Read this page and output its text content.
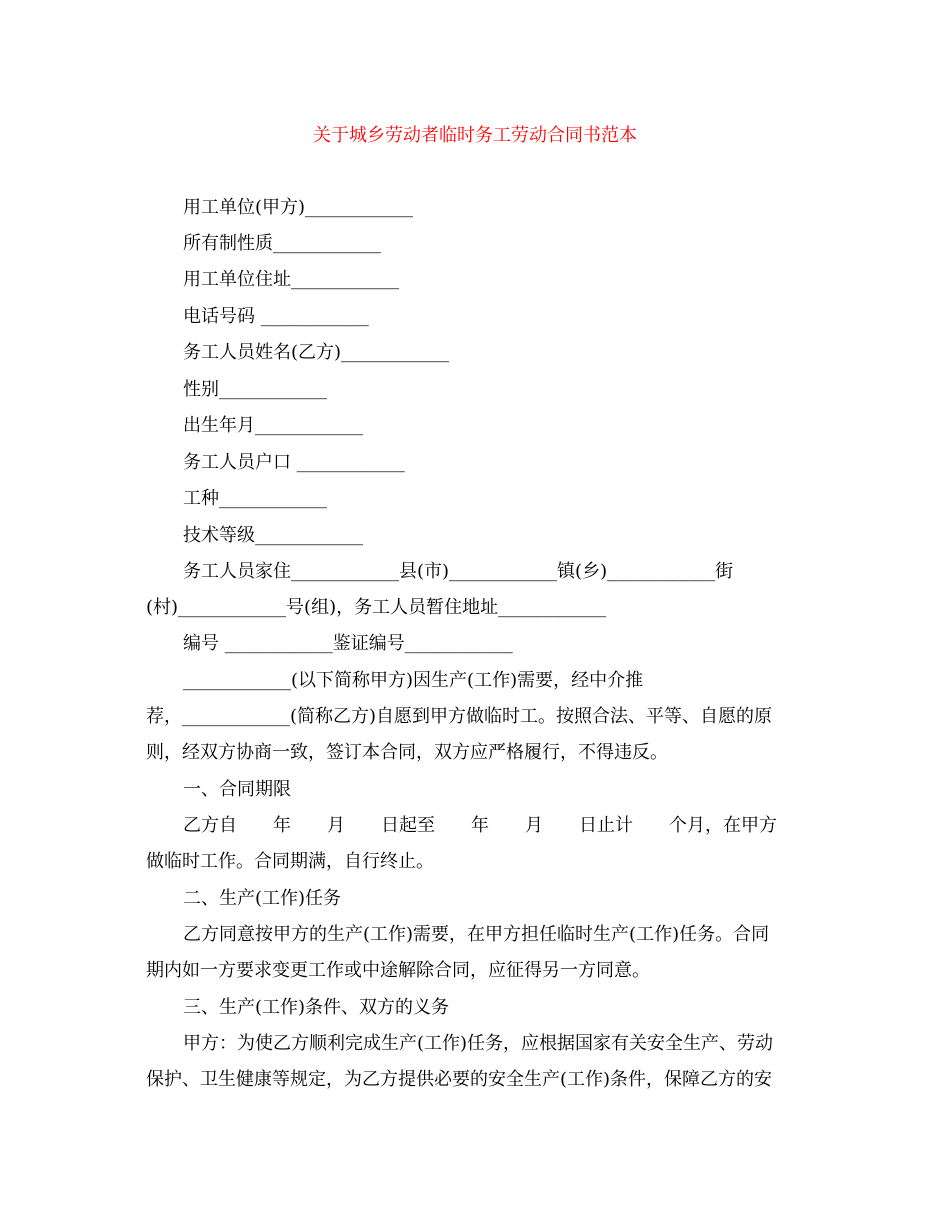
关于城乡劳动者临时务工劳动合同书范本
用工单位(甲方)____________
所有制性质____________
用工单位住址____________
电话号码 ____________
务工人员姓名(乙方)____________
性别____________
出生年月____________
务工人员户口 ____________
工种____________
技术等级____________
务工人员家住____________县(市)____________镇(乡)____________街
(村)____________号(组)，务工人员暂住地址____________
编号 ____________鉴证编号____________
____________(以下简称甲方)因生产(工作)需要，经中介推
荐，____________(简称乙方)自愿到甲方做临时工。按照合法、平等、自愿的原
则，经双方协商一致，签订本合同，双方应严格履行，不得违反。
一、合同期限
乙方自　　年　　月　　日起至　　年　　月　　日止计　　个月，在甲方
做临时工作。合同期满，自行终止。
二、生产(工作)任务
乙方同意按甲方的生产(工作)需要，在甲方担任临时生产(工作)任务。合同
期内如一方要求变更工作或中途解除合同，应征得另一方同意。
三、生产(工作)条件、双方的义务
甲方：为使乙方顺利完成生产(工作)任务，应根据国家有关安全生产、劳动
保护、卫生健康等规定，为乙方提供必要的安全生产(工作)条件，保障乙方的安
